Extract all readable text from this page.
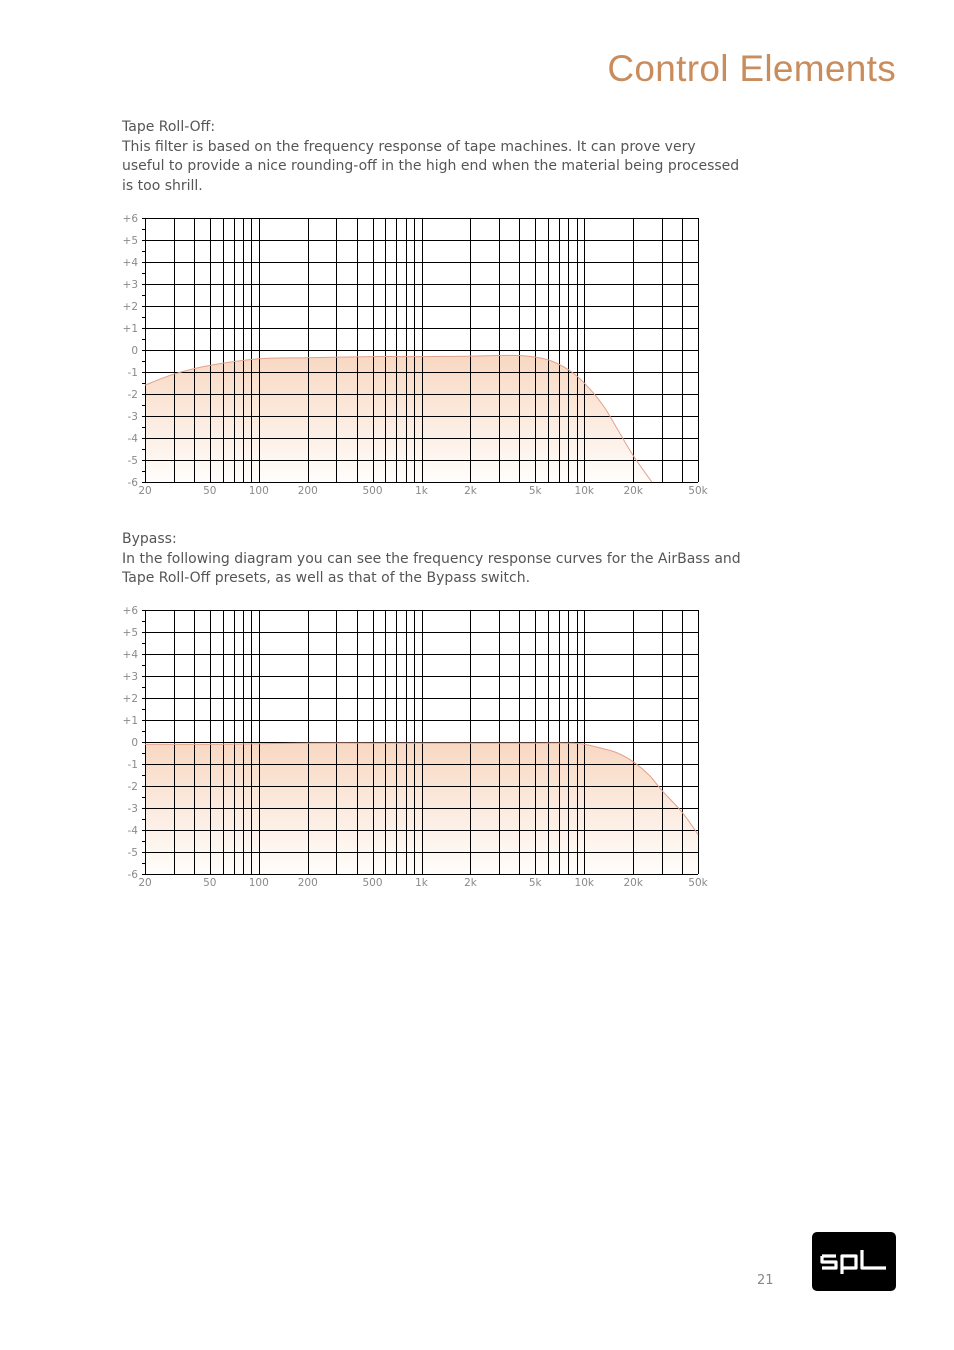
Control Elements
Tape Roll-Off:
This filter is based on the frequency response of tape machines. It can prove very useful to provide a nice rounding-off in the high end when the material being processed is too shrill.
+6
+5
+4
+3
+2
+1
0
-1
-2
-3
-4
-5
-6
20	50	100	200	500	1k	2k	5k	10k	20k	50k
Bypass:
In the following diagram you can see the frequency response curves for the AirBass and Tape Roll-Off presets, as well as that of the Bypass switch.
+6
+5
+4
+3
+2
+1
0
-1
-2
-3
-4
-5
-6
20	50	100	200	500	1k	2k	5k	10k	20k	50k
21
